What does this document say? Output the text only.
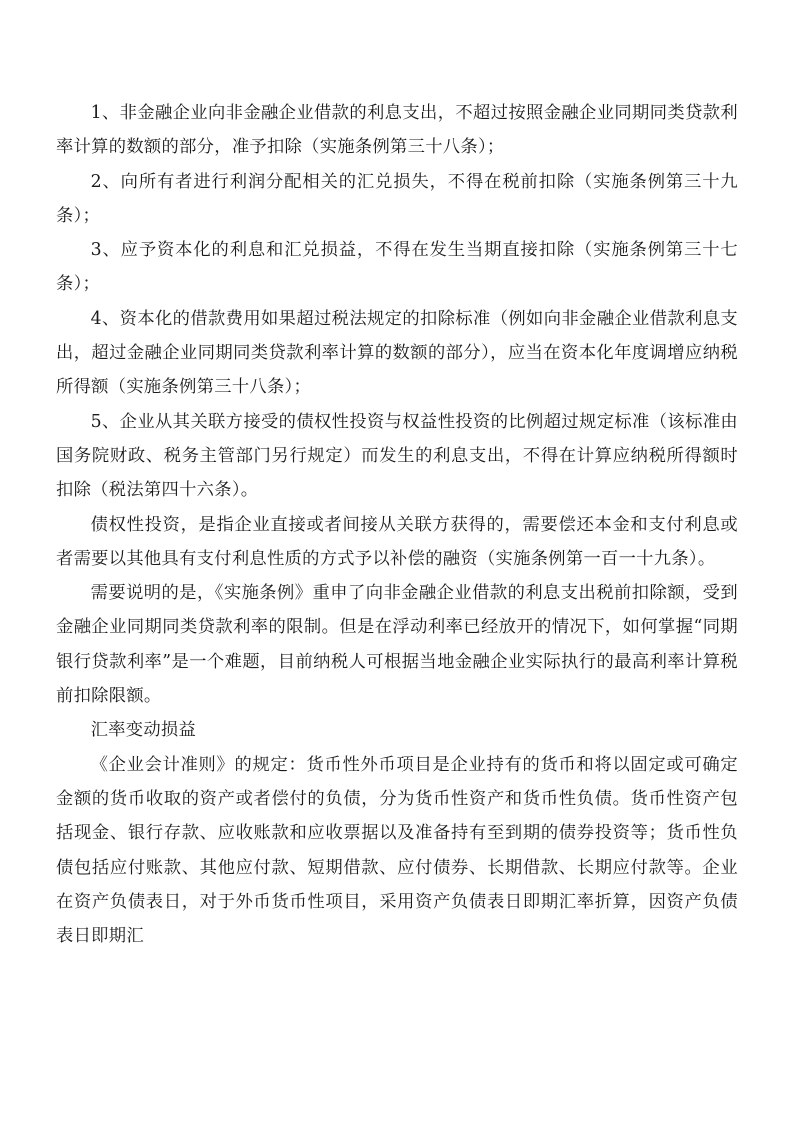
1、非金融企业向非金融企业借款的利息支出，不超过按照金融企业同期同类贷款利率计算的数额的部分，准予扣除（实施条例第三十八条）；

2、向所有者进行利润分配相关的汇兑损失，不得在税前扣除（实施条例第三十九条）；

3、应予资本化的利息和汇兑损益，不得在发生当期直接扣除（实施条例第三十七条）；

4、资本化的借款费用如果超过税法规定的扣除标准（例如向非金融企业借款利息支出，超过金融企业同期同类贷款利率计算的数额的部分），应当在资本化年度调增应纳税所得额（实施条例第三十八条）；

5、企业从其关联方接受的债权性投资与权益性投资的比例超过规定标准（该标准由国务院财政、税务主管部门另行规定）而发生的利息支出，不得在计算应纳税所得额时扣除（税法第四十六条）。

债权性投资，是指企业直接或者间接从关联方获得的，需要偿还本金和支付利息或者需要以其他具有支付利息性质的方式予以补偿的融资（实施条例第一百一十九条）。

需要说明的是，《实施条例》重申了向非金融企业借款的利息支出税前扣除额，受到金融企业同期同类贷款利率的限制。但是在浮动利率已经放开的情况下，如何掌握“同期银行贷款利率”是一个难题，目前纳税人可根据当地金融企业实际执行的最高利率计算税前扣除限额。

汇率变动损益

《企业会计准则》的规定：货币性外币项目是企业持有的货币和将以固定或可确定金额的货币收取的资产或者偿付的负债，分为货币性资产和货币性负债。货币性资产包括现金、银行存款、应收账款和应收票据以及准备持有至到期的债券投资等；货币性负债包括应付账款、其他应付款、短期借款、应付债券、长期借款、长期应付款等。企业在资产负债表日，对于外币货币性项目，采用资产负债表日即期汇率折算，因资产负债表日即期汇
